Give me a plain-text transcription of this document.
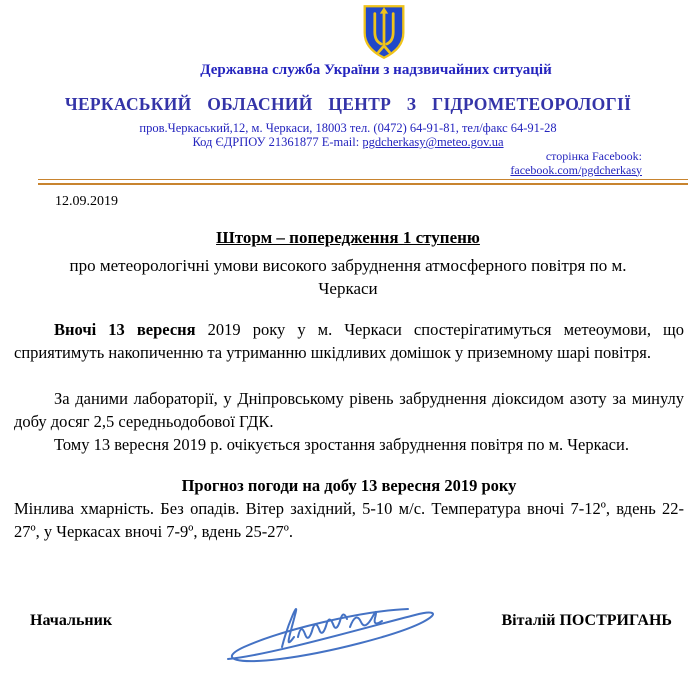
Державна служба України з надзвичайних ситуацій
ЧЕРКАСЬКИЙ ОБЛАСНИЙ ЦЕНТР З ГІДРОМЕТЕОРОЛОГІЇ
пров.Черкаський,12, м. Черкаси, 18003 тел. (0472) 64-91-81, тел/факс 64-91-28
Код ЄДРПОУ 21361877 E-mail: pgdcherkasy@meteo.gov.ua
сторінка Facebook:
facebook.com/pgdcherkasy
12.09.2019
Шторм – попередження 1 ступеню
про метеорологічні умови високого забруднення атмосферного повітря по м. Черкаси

Вночі 13 вересня 2019 року у м. Черкаси спостерігатимуться метеоумови, що сприятимуть накопиченню та утриманню шкідливих домішок у приземному шарі повітря.

За даними лабораторії, у Дніпровському рівень забруднення діоксидом азоту за минулу добу досяг 2,5 середньодобової ГДК.

Тому 13 вересня 2019 р. очікується зростання забруднення повітря по м. Черкаси.

Прогноз погоди на добу 13 вересня 2019 року

Мінлива хмарність. Без опадів. Вітер західний, 5-10 м/с. Температура вночі 7-12º, вдень 22-27º, у Черкасах вночі 7-9º, вдень 25-27º.

Начальник	Віталій ПОСТРИГАНЬ
